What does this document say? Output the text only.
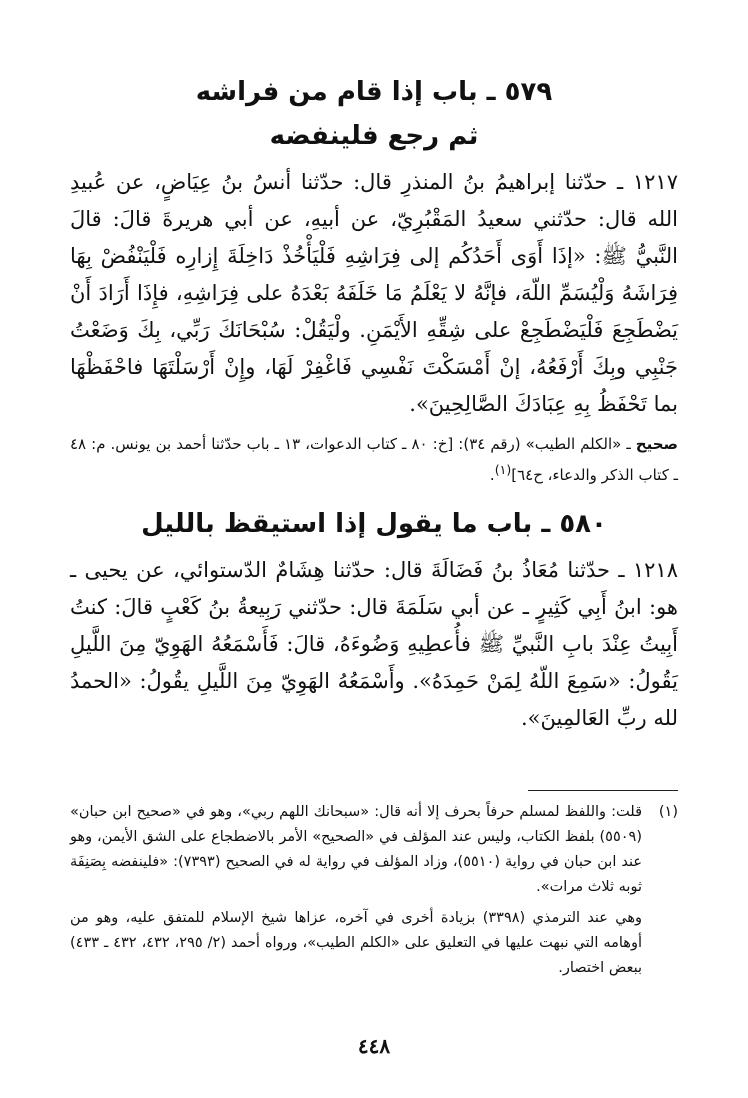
٥٧٩ ـ باب إذا قام من فراشه
ثم رجع فلينفضه

١٢١٧ ـ حدّثنا إبراهيمُ بنُ المنذرِ قال: حدّثنا أنسُ بنُ عِيَاضٍ، عن عُبيدِ الله قال: حدّثني سعيدُ المَقْبُرِيّ، عن أبيهِ، عن أبي هريرةَ قالَ: قالَ النَّبيُّ ﷺ: «إذَا أَوَى أَحَدُكُم إلى فِرَاشِهِ فَلْيَأْخُذْ دَاخِلَةَ إِزارِه فَلْيَنْفُضْ بِهَا فِرَاشَهُ وَلْيُسَمِّ اللّهَ، فإنَّهُ لا يَعْلَمُ مَا خَلَفَهُ بَعْدَهُ على فِرَاشِهِ، فإِذَا أَرَادَ أَنْ يَضْطَجِعَ فَلْيَضْطَجِعْ على شِقِّهِ الأَيْمَنِ. ولْيَقُلْ: سُبْحَانَكَ رَبِّي، بِكَ وَضَعْتُ جَنْبِي وبِكَ أَرْفَعُهُ، إنْ أَمْسَكْتَ نَفْسِي فَاغْفِرْ لَهَا، وإِنْ أَرْسَلْتَهَا فاحْفَظْهَا بما تَحْفَظُ بِهِ عِبَادَكَ الصَّالِحِينَ».

صحيح ـ «الكلم الطيب» (رقم ٣٤): [خ: ٨٠ ـ كتاب الدعوات، ١٣ ـ باب حدّثنا أحمد بن يونس. م: ٤٨ ـ كتاب الذكر والدعاء، ح٦٤]$^{(١)}$.

٥٨٠ ـ باب ما يقول إذا استيقظ بالليل

١٢١٨ ـ حدّثنا مُعَاذُ بنُ فَضَالَةَ قال: حدّثنا هِشَامٌ الدّستوائي، عن يحيى ـ هو: ابنُ أَبِي كَثِيرٍ ـ عن أبي سَلَمَةَ قال: حدّثني رَبِيعةُ بنُ كَعْبٍ قالَ: كنتُ أَبِيتُ عِنْدَ بابِ النَّبيِّ ﷺ فأُعطِيهِ وَضُوءَهُ، قالَ: فَأَسْمَعُهُ الهَوِيّ مِنَ اللَّيلِ يَقُولُ: «سَمِعَ اللّهُ لِمَنْ حَمِدَهُ». وأَسْمَعُهُ الهَوِيّ مِنَ اللَّيلِ يقُولُ: «الحمدُ لله ربِّ العَالمِينَ».

(١)

قلت: واللفظ لمسلم حرفاً بحرف إلا أنه قال: «سبحانك اللهم ربي»، وهو في «صحيح ابن حبان» (٥٥٠٩) بلفظ الكتاب، وليس عند المؤلف في «الصحيح» الأمر بالاضطجاع على الشق الأيمن، وهو عند ابن حبان في رواية (٥٥١٠)، وزاد المؤلف في رواية له في الصحيح (٧٣٩٣): «فلينفضه بِصَنِفَة ثوبه ثلاث مرات».

وهي عند الترمذي (٣٣٩٨) بزيادة أخرى في آخره، عزاها شيخ الإسلام للمتفق عليه، وهو من أوهامه التي نبهت عليها في التعليق على «الكلم الطيب»، ورواه أحمد (٢/ ٢٩٥، ٤٣٢، ٤٣٢ ـ ٤٣٣) ببعض اختصار.

٤٤٨
